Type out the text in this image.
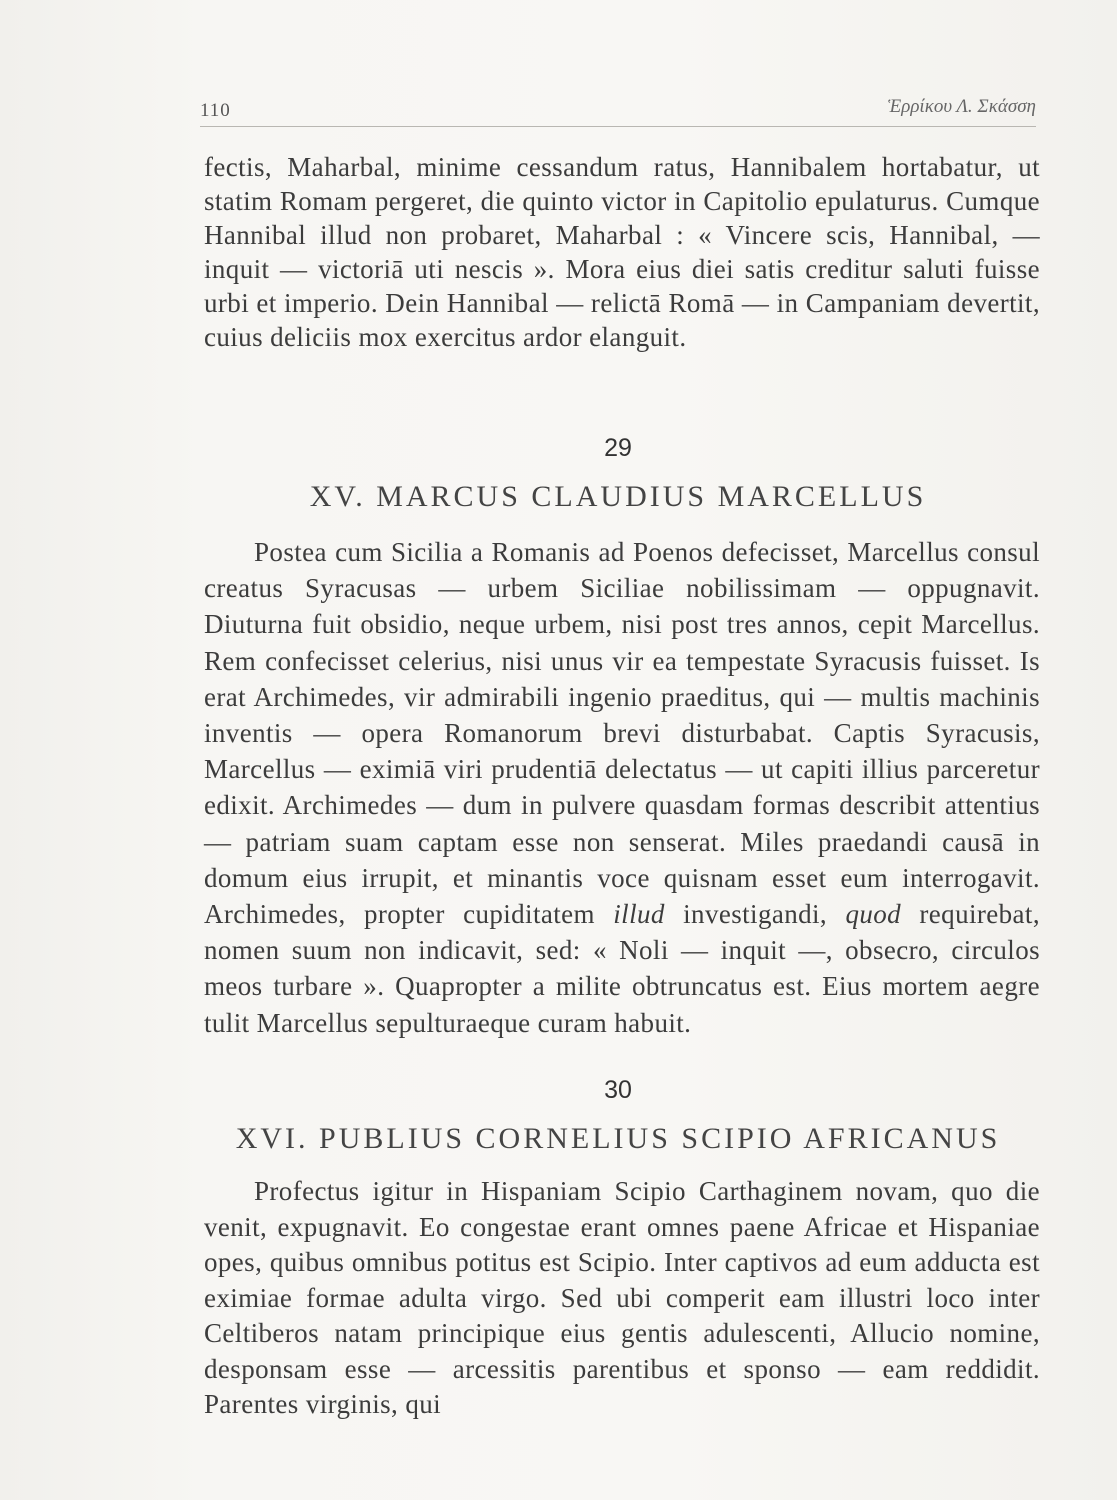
110	Ἑρρίκου Λ. Σκάσση

fectis, Maharbal, minime cessandum ratus, Hannibalem hortabatur, ut statim Romam pergeret, die quinto victor in Capitolio epulaturus. Cumque Hannibal illud non probaret, Maharbal : « Vincere scis, Hannibal, — inquit — victoriā uti nescis ». Mora eius diei satis creditur saluti fuisse urbi et imperio. Dein Hannibal — relictā Romā — in Campaniam devertit, cuius deliciis mox exercitus ardor elanguit.

29
XV. MARCUS CLAUDIUS MARCELLUS

Postea cum Sicilia a Romanis ad Poenos defecisset, Marcellus consul creatus Syracusas — urbem Siciliae nobilissimam — oppugnavit. Diuturna fuit obsidio, neque urbem, nisi post tres annos, cepit Marcellus. Rem confecisset celerius, nisi unus vir ea tempestate Syracusis fuisset. Is erat Archimedes, vir admirabili ingenio praeditus, qui — multis machinis inventis — opera Romanorum brevi disturbabat. Captis Syracusis, Marcellus — eximiā viri prudentiā delectatus — ut capiti illius parceretur edixit. Archimedes — dum in pulvere quasdam formas describit attentius — patriam suam captam esse non senserat. Miles praedandi causā in domum eius irrupit, et minantis voce quisnam esset eum interrogavit. Archimedes, propter cupiditatem illud investigandi, quod requirebat, nomen suum non indicavit, sed: « Noli — inquit —, obsecro, circulos meos turbare ». Quapropter a milite obtruncatus est. Eius mortem aegre tulit Marcellus sepulturaeque curam habuit.

30
XVI. PUBLIUS CORNELIUS SCIPIO AFRICANUS

Profectus igitur in Hispaniam Scipio Carthaginem novam, quo die venit, expugnavit. Eo congestae erant omnes paene Africae et Hispaniae opes, quibus omnibus potitus est Scipio. Inter captivos ad eum adducta est eximiae formae adulta virgo. Sed ubi comperit eam illustri loco inter Celtiberos natam principique eius gentis adulescenti, Allucio nomine, desponsam esse — arcessitis parentibus et sponso — eam reddidit. Parentes virginis, qui
